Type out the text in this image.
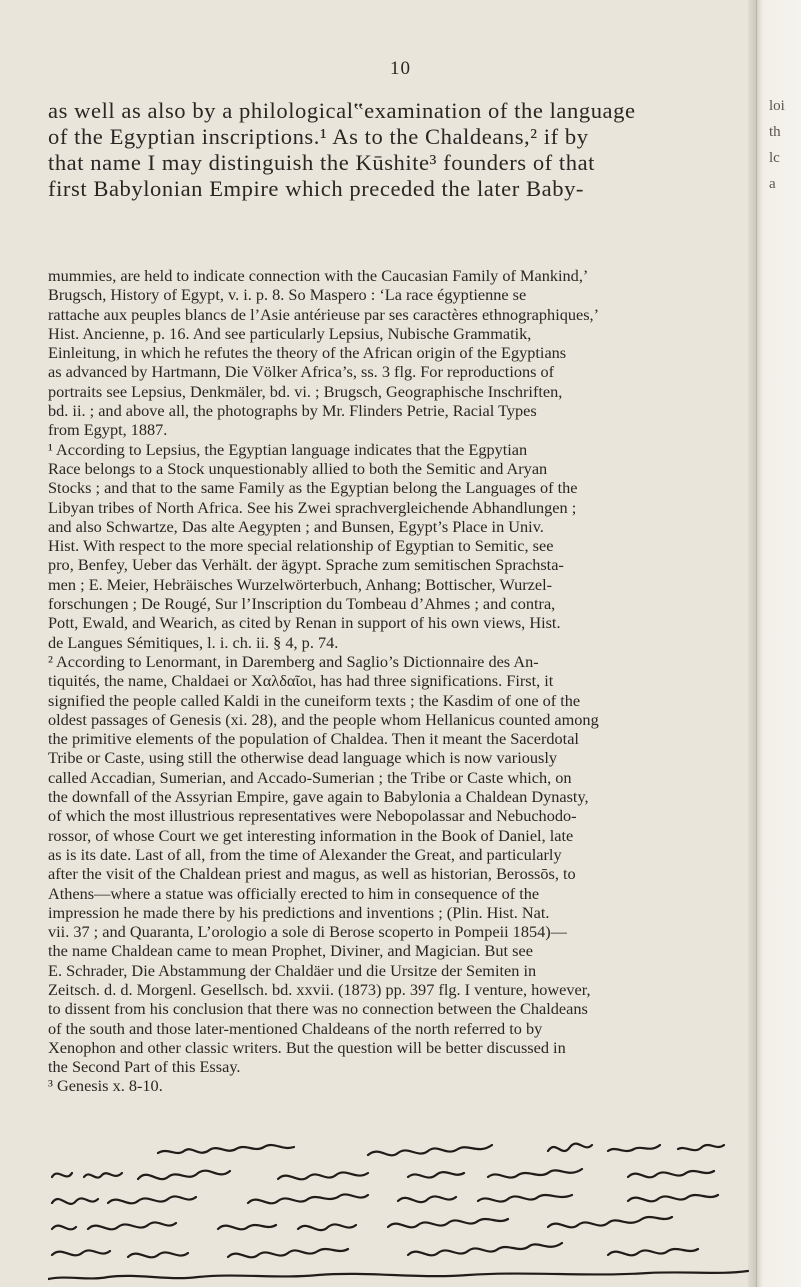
10

as well as also by a philological‟examination of the language
of the Egyptian inscriptions.¹ As to the Chaldeans,² if by
that name I may distinguish the Kūshite³ founders of that
first Babylonian Empire which preceded the later Baby-

mummies, are held to indicate connection with the Caucasian Family of Mankind,’
Brugsch, History of Egypt, v. i. p. 8. So Maspero : ‘La race égyptienne se
rattache aux peuples blancs de l’Asie antérieuse par ses caractères ethnographiques,’
Hist. Ancienne, p. 16. And see particularly Lepsius, Nubische Grammatik,
Einleitung, in which he refutes the theory of the African origin of the Egyptians
as advanced by Hartmann, Die Völker Africa’s, ss. 3 flg. For reproductions of
portraits see Lepsius, Denkmäler, bd. vi. ; Brugsch, Geographische Inschriften,
bd. ii. ; and above all, the photographs by Mr. Flinders Petrie, Racial Types
from Egypt, 1887.
¹ According to Lepsius, the Egyptian language indicates that the Egpytian
Race belongs to a Stock unquestionably allied to both the Semitic and Aryan
Stocks ; and that to the same Family as the Egyptian belong the Languages of the
Libyan tribes of North Africa. See his Zwei sprachvergleichende Abhandlungen ;
and also Schwartze, Das alte Aegypten ; and Bunsen, Egypt’s Place in Univ.
Hist. With respect to the more special relationship of Egyptian to Semitic, see
pro, Benfey, Ueber das Verhält. der ägypt. Sprache zum semitischen Sprachsta-
men ; E. Meier, Hebräisches Wurzelwörterbuch, Anhang; Bottischer, Wurzel-
forschungen ; De Rougé, Sur l’Inscription du Tombeau d’Ahmes ; and contra,
Pott, Ewald, and Wearich, as cited by Renan in support of his own views, Hist.
de Langues Sémitiques, l. i. ch. ii. § 4, p. 74.
² According to Lenormant, in Daremberg and Saglio’s Dictionnaire des An-
tiquités, the name, Chaldaei or Χαλδαῖοι, has had three significations. First, it
signified the people called Kaldi in the cuneiform texts ; the Kasdim of one of the
oldest passages of Genesis (xi. 28), and the people whom Hellanicus counted among
the primitive elements of the population of Chaldea. Then it meant the Sacerdotal
Tribe or Caste, using still the otherwise dead language which is now variously
called Accadian, Sumerian, and Accado-Sumerian ; the Tribe or Caste which, on
the downfall of the Assyrian Empire, gave again to Babylonia a Chaldean Dynasty,
of which the most illustrious representatives were Nebopolassar and Nebuchodo-
rossor, of whose Court we get interesting information in the Book of Daniel, late
as is its date. Last of all, from the time of Alexander the Great, and particularly
after the visit of the Chaldean priest and magus, as well as historian, Berossōs, to
Athens—where a statue was officially erected to him in consequence of the
impression he made there by his predictions and inventions ; (Plin. Hist. Nat.
vii. 37 ; and Quaranta, L’orologio a sole di Berose scoperto in Pompeii 1854)—
the name Chaldean came to mean Prophet, Diviner, and Magician. But see
E. Schrader, Die Abstammung der Chaldäer und die Ursitze der Semiten in
Zeitsch. d. d. Morgenl. Gesellsch. bd. xxvii. (1873) pp. 397 flg. I venture, however,
to dissent from his conclusion that there was no connection between the Chaldeans
of the south and those later-mentioned Chaldeans of the north referred to by
Xenophon and other classic writers. But the question will be better discussed in
the Second Part of this Essay.
³ Genesis x. 8-10.
loi
th
lc
a
